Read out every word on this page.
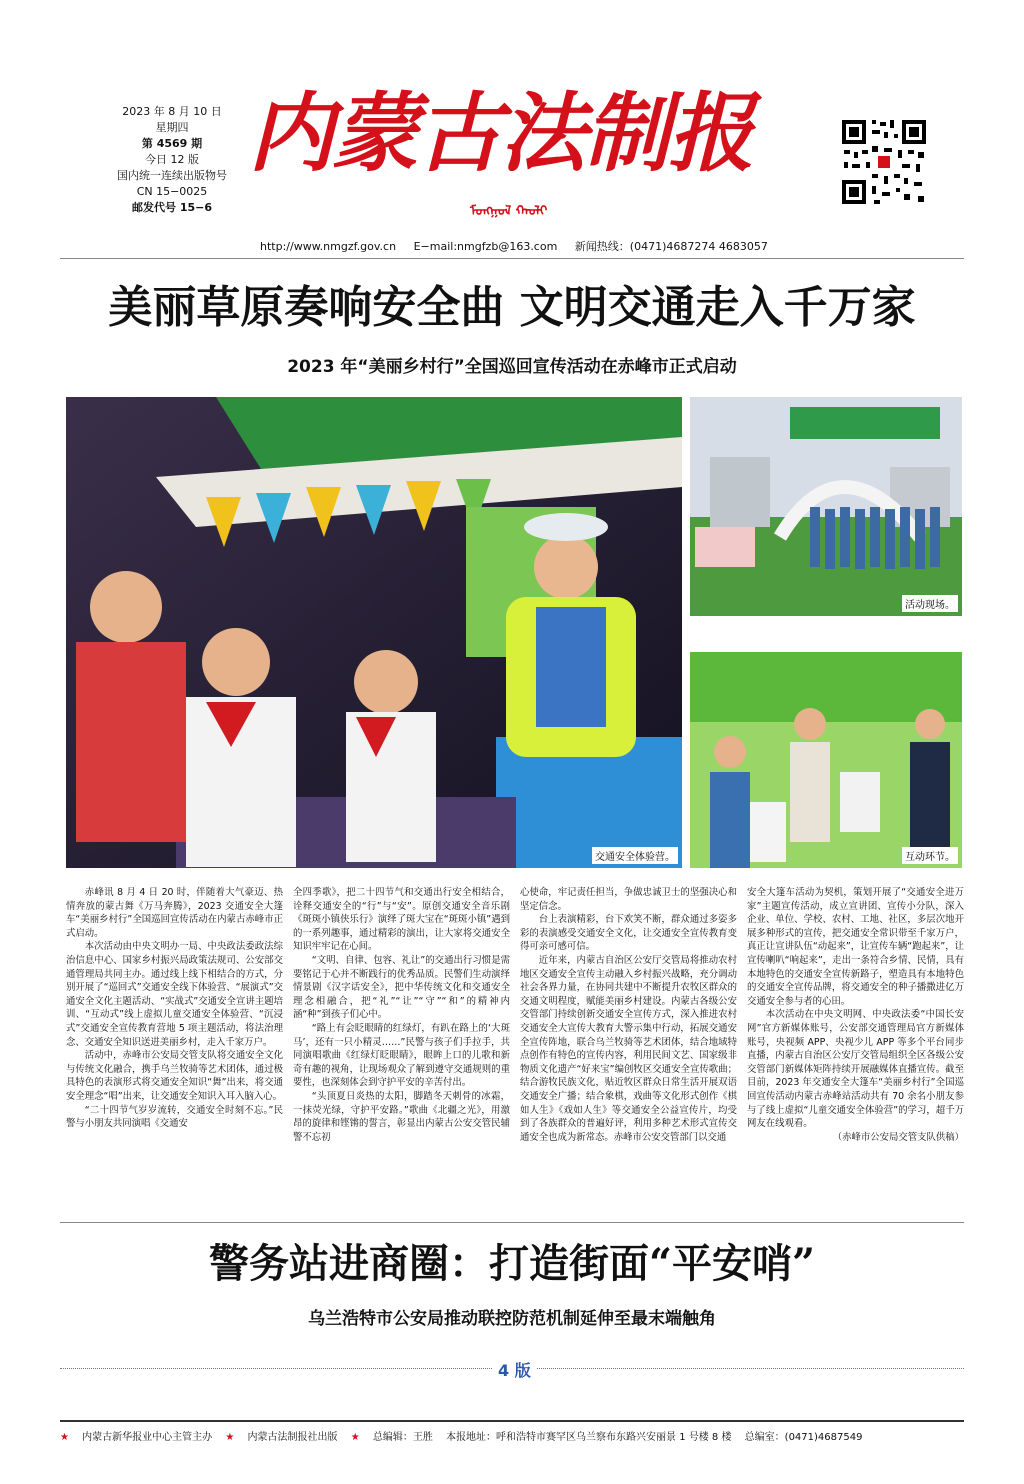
2023 年 8 月 10 日
星期四
第 4569 期
今日 12 版
国内统一连续出版物号
CN 15−0025
邮发代号 15−6
内蒙古法制报
ᠮᠣᠩᠭᠣᠯ ᠬᠠᠤᠯᠢ
http://www.nmgzf.gov.cn E−mail:nmgfzb@163.com 新闻热线：(0471)4687274 4683057
美丽草原奏响安全曲 文明交通走入千万家
2023 年“美丽乡村行”全国巡回宣传活动在赤峰市正式启动
交通安全体验营。
活动现场。
互动环节。

赤峰讯 8 月 4 日 20 时，伴随着大气豪迈、热情奔放的蒙古舞《万马奔腾》，2023 交通安全大篷车“美丽乡村行”全国巡回宣传活动在内蒙古赤峰市正式启动。

本次活动由中央文明办一局、中央政法委政法综治信息中心、国家乡村振兴局政策法规司、公安部交通管理局共同主办。通过线上线下相结合的方式，分别开展了“巡回式”交通安全线下体验营、“展演式”交通安全文化主题活动、“实战式”交通安全宣讲主题培训、“互动式”线上虚拟儿童交通安全体验营、“沉浸式”交通安全宣传教育营地 5 项主题活动，将法治理念、交通安全知识送进美丽乡村，走入千家万户。

活动中，赤峰市公安局交管支队将交通安全文化与传统文化融合，携手乌兰牧骑等艺术团体，通过极具特色的表演形式将交通安全知识“舞”出来，将交通安全理念“唱”出来，让交通安全知识入耳入脑入心。

“二十四节气岁岁流转，交通安全时刻不忘。”民警与小朋友共同演唱《交通安

全四季歌》，把二十四节气和交通出行安全相结合，诠释交通安全的“行”与“安”。原创交通安全音乐剧《斑斑小镇侠乐行》演绎了斑大宝在“斑斑小镇”遇到的一系列趣事，通过精彩的演出，让大家将交通安全知识牢牢记在心间。

“文明、自律、包容、礼让”的交通出行习惯是需要铭记于心并不断践行的优秀品质。民警们生动演绎情景剧《汉字话安全》，把中华传统文化和交通安全理念相融合，把“礼”“让”“守”“和”的精神内涵“种”到孩子们心中。

“路上有会眨眼睛的红绿灯，有趴在路上的‘大斑马’，还有一只小精灵……”民警与孩子们手拉手，共同演唱歌曲《红绿灯眨眼睛》，眼眸上口的儿歌和新奇有趣的视角，让现场观众了解到遵守交通规则的重要性，也深刻体会到守护平安的辛苦付出。

“头顶夏日炎热的太阳，脚踏冬天刺骨的冰霜，一抹荧光绿，守护平安路。”歌曲《北疆之光》，用激昂的旋律和铿锵的誓言，彰显出内蒙古公安交管民辅警不忘初

心使命，牢记责任担当，争做忠诚卫士的坚强决心和坚定信念。

台上表演精彩，台下欢笑不断，群众通过多姿多彩的表演感受交通安全文化，让交通安全宣传教育变得可亲可感可信。

近年来，内蒙古自治区公安厅交管局将推动农村地区交通安全宣传主动融入乡村振兴战略，充分调动社会各界力量，在协同共建中不断提升农牧区群众的交通文明程度，赋能美丽乡村建设。内蒙古各级公安交管部门持续创新交通安全宣传方式，深入推进农村交通安全大宣传大教育大警示集中行动，拓展交通安全宣传阵地，联合乌兰牧骑等艺术团体，结合地域特点创作有特色的宣传内容，利用民间文艺、国家级非物质文化遗产“好来宝”编创牧区交通安全宣传歌曲；结合游牧民族文化，贴近牧区群众日常生活开展双语交通安全广播；结合象棋，戏曲等文化形式创作《棋如人生》《戏如人生》等交通安全公益宣传片，均受到了各族群众的普遍好评，利用多种艺术形式宣传交通安全也成为新常态。赤峰市公安交管部门以交通

安全大篷车活动为契机，策划开展了“交通安全进万家”主题宣传活动，成立宣讲团、宣传小分队，深入企业、单位、学校、农村、工地、社区，多层次地开展多种形式的宣传，把交通安全常识带至千家万户，真正让宣讲队伍“动起来”，让宣传车辆“跑起来”，让宣传喇叭“响起来”，走出一条符合乡情、民情，具有本地特色的交通安全宣传新路子，塑造具有本地特色的交通安全宣传品牌，将交通安全的种子播撒进亿万交通安全参与者的心田。

本次活动在中央文明网、中央政法委“中国长安网”官方新媒体账号，公安部交通管理局官方新媒体账号，央视频 APP、央视少儿 APP 等多个平台同步直播，内蒙古自治区公安厅交管局组织全区各级公安交管部门新媒体矩阵持续开展融媒体直播宣传。截至目前，2023 年交通安全大篷车“美丽乡村行”全国巡回宣传活动内蒙古赤峰站活动共有 70 余名小朋友参与了线上虚拟“儿童交通安全体验营”的学习，超千万网友在线观看。

（赤峰市公安局交管支队供稿）
警务站进商圈：打造街面“平安哨”
乌兰浩特市公安局推动联控防范机制延伸至最末端触角
4 版
★ 内蒙古新华报业中心主管主办 ★ 内蒙古法制报社出版 ★ 总编辑：王胜 本报地址：呼和浩特市赛罕区乌兰察布东路兴安丽景 1 号楼 8 楼 总编室：(0471)4687549
